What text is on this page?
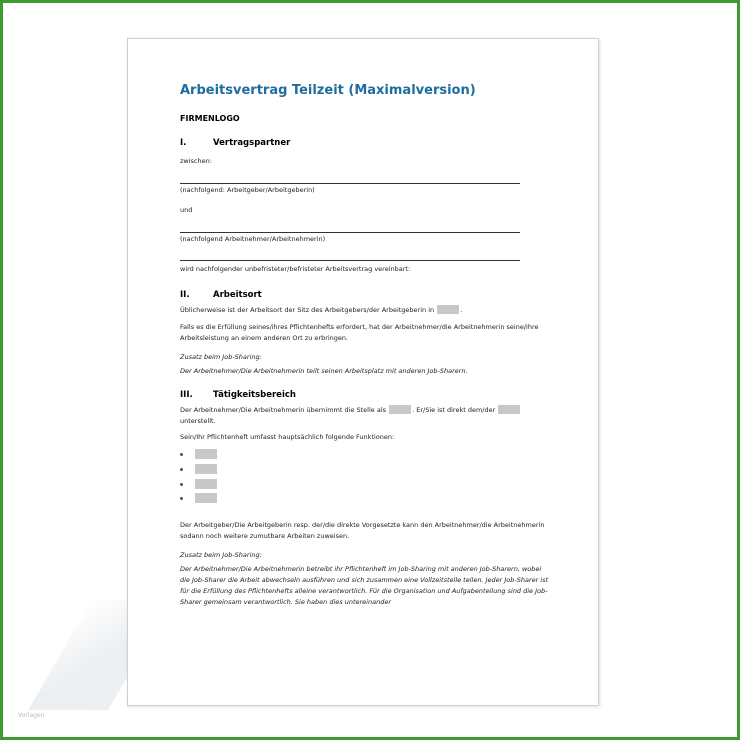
Arbeitsvertrag Teilzeit (Maximalversion)
FIRMENLOGO
I.	Vertragspartner
zwischen:
(nachfolgend: Arbeitgeber/Arbeitgeberin)
und
(nachfolgend Arbeitnehmer/Arbeitnehmerin)
wird nachfolgender unbefristeter/befristeter Arbeitsvertrag vereinbart:
II.	Arbeitsort
Üblicherweise ist der Arbeitsort der Sitz des Arbeitgebers/der Arbeitgeberin in	.
Falls es die Erfüllung seines/ihres Pflichtenhefts erfordert, hat der Arbeitnehmer/die Arbeitnehmerin seine/ihre Arbeitsleistung an einem anderen Ort zu erbringen.
Zusatz beim Job-Sharing:
Der Arbeitnehmer/Die Arbeitnehmerin teilt seinen Arbeitsplatz mit anderen Job-Sharern.
III. Tätigkeitsbereich
Der Arbeitnehmer/Die Arbeitnehmerin übernimmt die Stelle als	. Er/Sie ist direkt dem/der
unterstellt.
Sein/Ihr Pflichtenheft umfasst hauptsächlich folgende Funktionen:
Der Arbeitgeber/Die Arbeitgeberin resp. der/die direkte Vorgesetzte kann den Arbeitnehmer/die Arbeitnehmerin sodann noch weitere zumutbare Arbeiten zuweisen.
Zusatz beim Job-Sharing:
Der Arbeitnehmer/Die Arbeitnehmerin betreibt ihr Pflichtenheft im Job-Sharing mit anderen Job-Sharern, wobei die Job-Sharer die Arbeit abwechseln ausführen und sich zusammen eine Vollzeitstelle teilen. Jeder Job-Sharer ist für die Erfüllung des Pflichtenhefts alleine verantwortlich. Für die Organisation und Aufgabenteilung sind die Job-Sharer gemeinsam verantwortlich. Sie haben dies untereinander
Vorlagen
